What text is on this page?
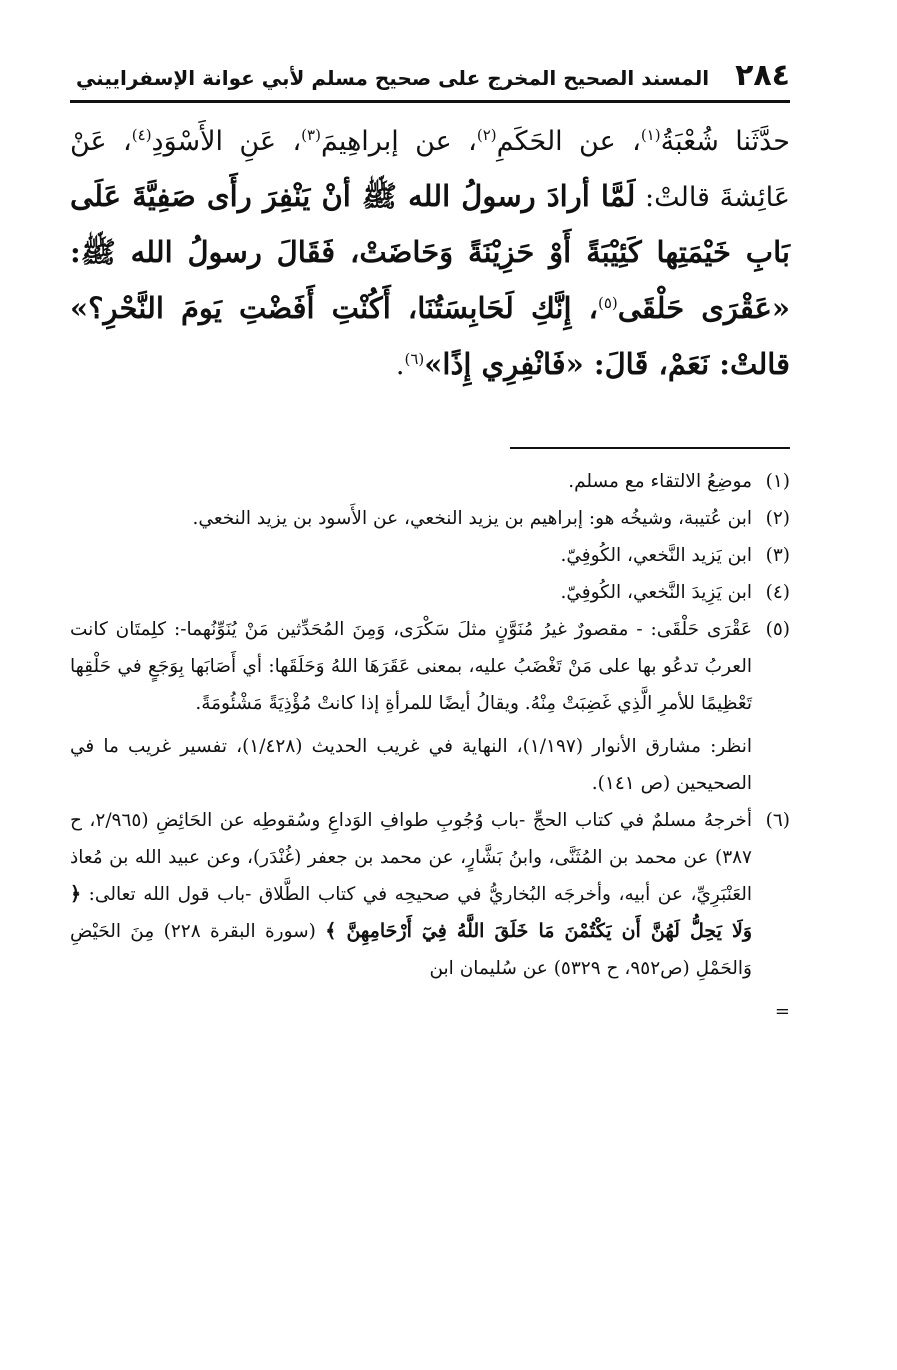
٢٨٤
المسند الصحيح المخرج على صحيح مسلم لأبي عوانة الإسفراييني
حدَّثَنا شُعْبَةُ$^{(١)}$، عن الحَكَمِ$^{(٢)}$، عن إبراهِيمَ$^{(٣)}$، عَنِ الأَسْوَدِ$^{(٤)}$، عَنْ عَائِشةَ قالتْ: لَمَّا أرادَ رسولُ الله ﷺ أنْ يَنْفِرَ رأَى صَفِيَّةَ عَلَى بَابِ خَيْمَتِها كَئِيْبَةً أَوْ حَزِيْنَةً وَحَاضَتْ، فَقَالَ رسولُ الله ﷺ: «عَقْرَى حَلْقَى$^{(٥)}$، إِنَّكِ لَحَابِسَتُنَا، أَكُنْتِ أَفَضْتِ يَومَ النَّحْرِ؟» قالتْ: نَعَمْ، قَالَ: «فَانْفِرِي إِذًا»$^{(٦)}$.
(١)

موضِعُ الالتقاء مع مسلم.

(٢)

ابن عُتيبة، وشيخُه هو: إبراهيم بن يزيد النخعي، عن الأَسود بن يزيد النخعي.

(٣)

ابن يَزيد النَّخعي، الكُوفِيّ.

(٤)

ابن يَزِيدَ النَّخعي، الكُوفِيّ.

(٥)

عَقْرَى حَلْقَى: - مقصورٌ غيرُ مُنَوَّنٍ مثلَ سَكْرَى، وَمِنَ المُحَدِّثين مَنْ يُنَوِّنُهما-: كلِمتَان كانت العربُ تدعُو بها على مَنْ تَغْضَبُ عليه، بمعنى عَقَرَهَا اللهُ وَحَلَقَها: أي أَصَابَها بِوَجَعٍ في حَلْقِها تَعْظِيمًا للأمرِ الَّذِي غَضِبَتْ مِنْهُ. ويقالُ أيضًا للمرأةِ إذا كانتْ مُؤْذِيَةً مَشْئُومَةً.

انظر: مشارق الأنوار (١/١٩٧)، النهاية في غريب الحديث (١/٤٢٨)، تفسير غريب ما في الصحيحين (ص ١٤١).

(٦)

أخرجهُ مسلمٌ في كتاب الحجِّ -باب وُجُوبِ طوافِ الوَداعِ وسُقوطِه عن الحَائِضِ (٢/٩٦٥، ح ٣٨٧) عن محمد بن المُثَنَّى، وابنُ بَشَّارٍ، عن محمد بن جعفر (غُنْدَر)، وعن عبيد الله بن مُعاذ العَنْبَرِيِّ، عن أبيه، وأخرجَه البُخاريُّ في صحيحِه في كتاب الطَّلاق -باب قول الله تعالى: ﴿ وَلَا يَحِلُّ لَهُنَّ أَن يَكْتُمْنَ مَا خَلَقَ اللَّهُ فِيٓ أَرْحَامِهِنَّ ﴾ (سورة البقرة ٢٢٨) مِنَ الحَيْضِ وَالحَمْلِ (ص٩٥٢، ح ٥٣٢٩) عن سُليمان ابن

=
